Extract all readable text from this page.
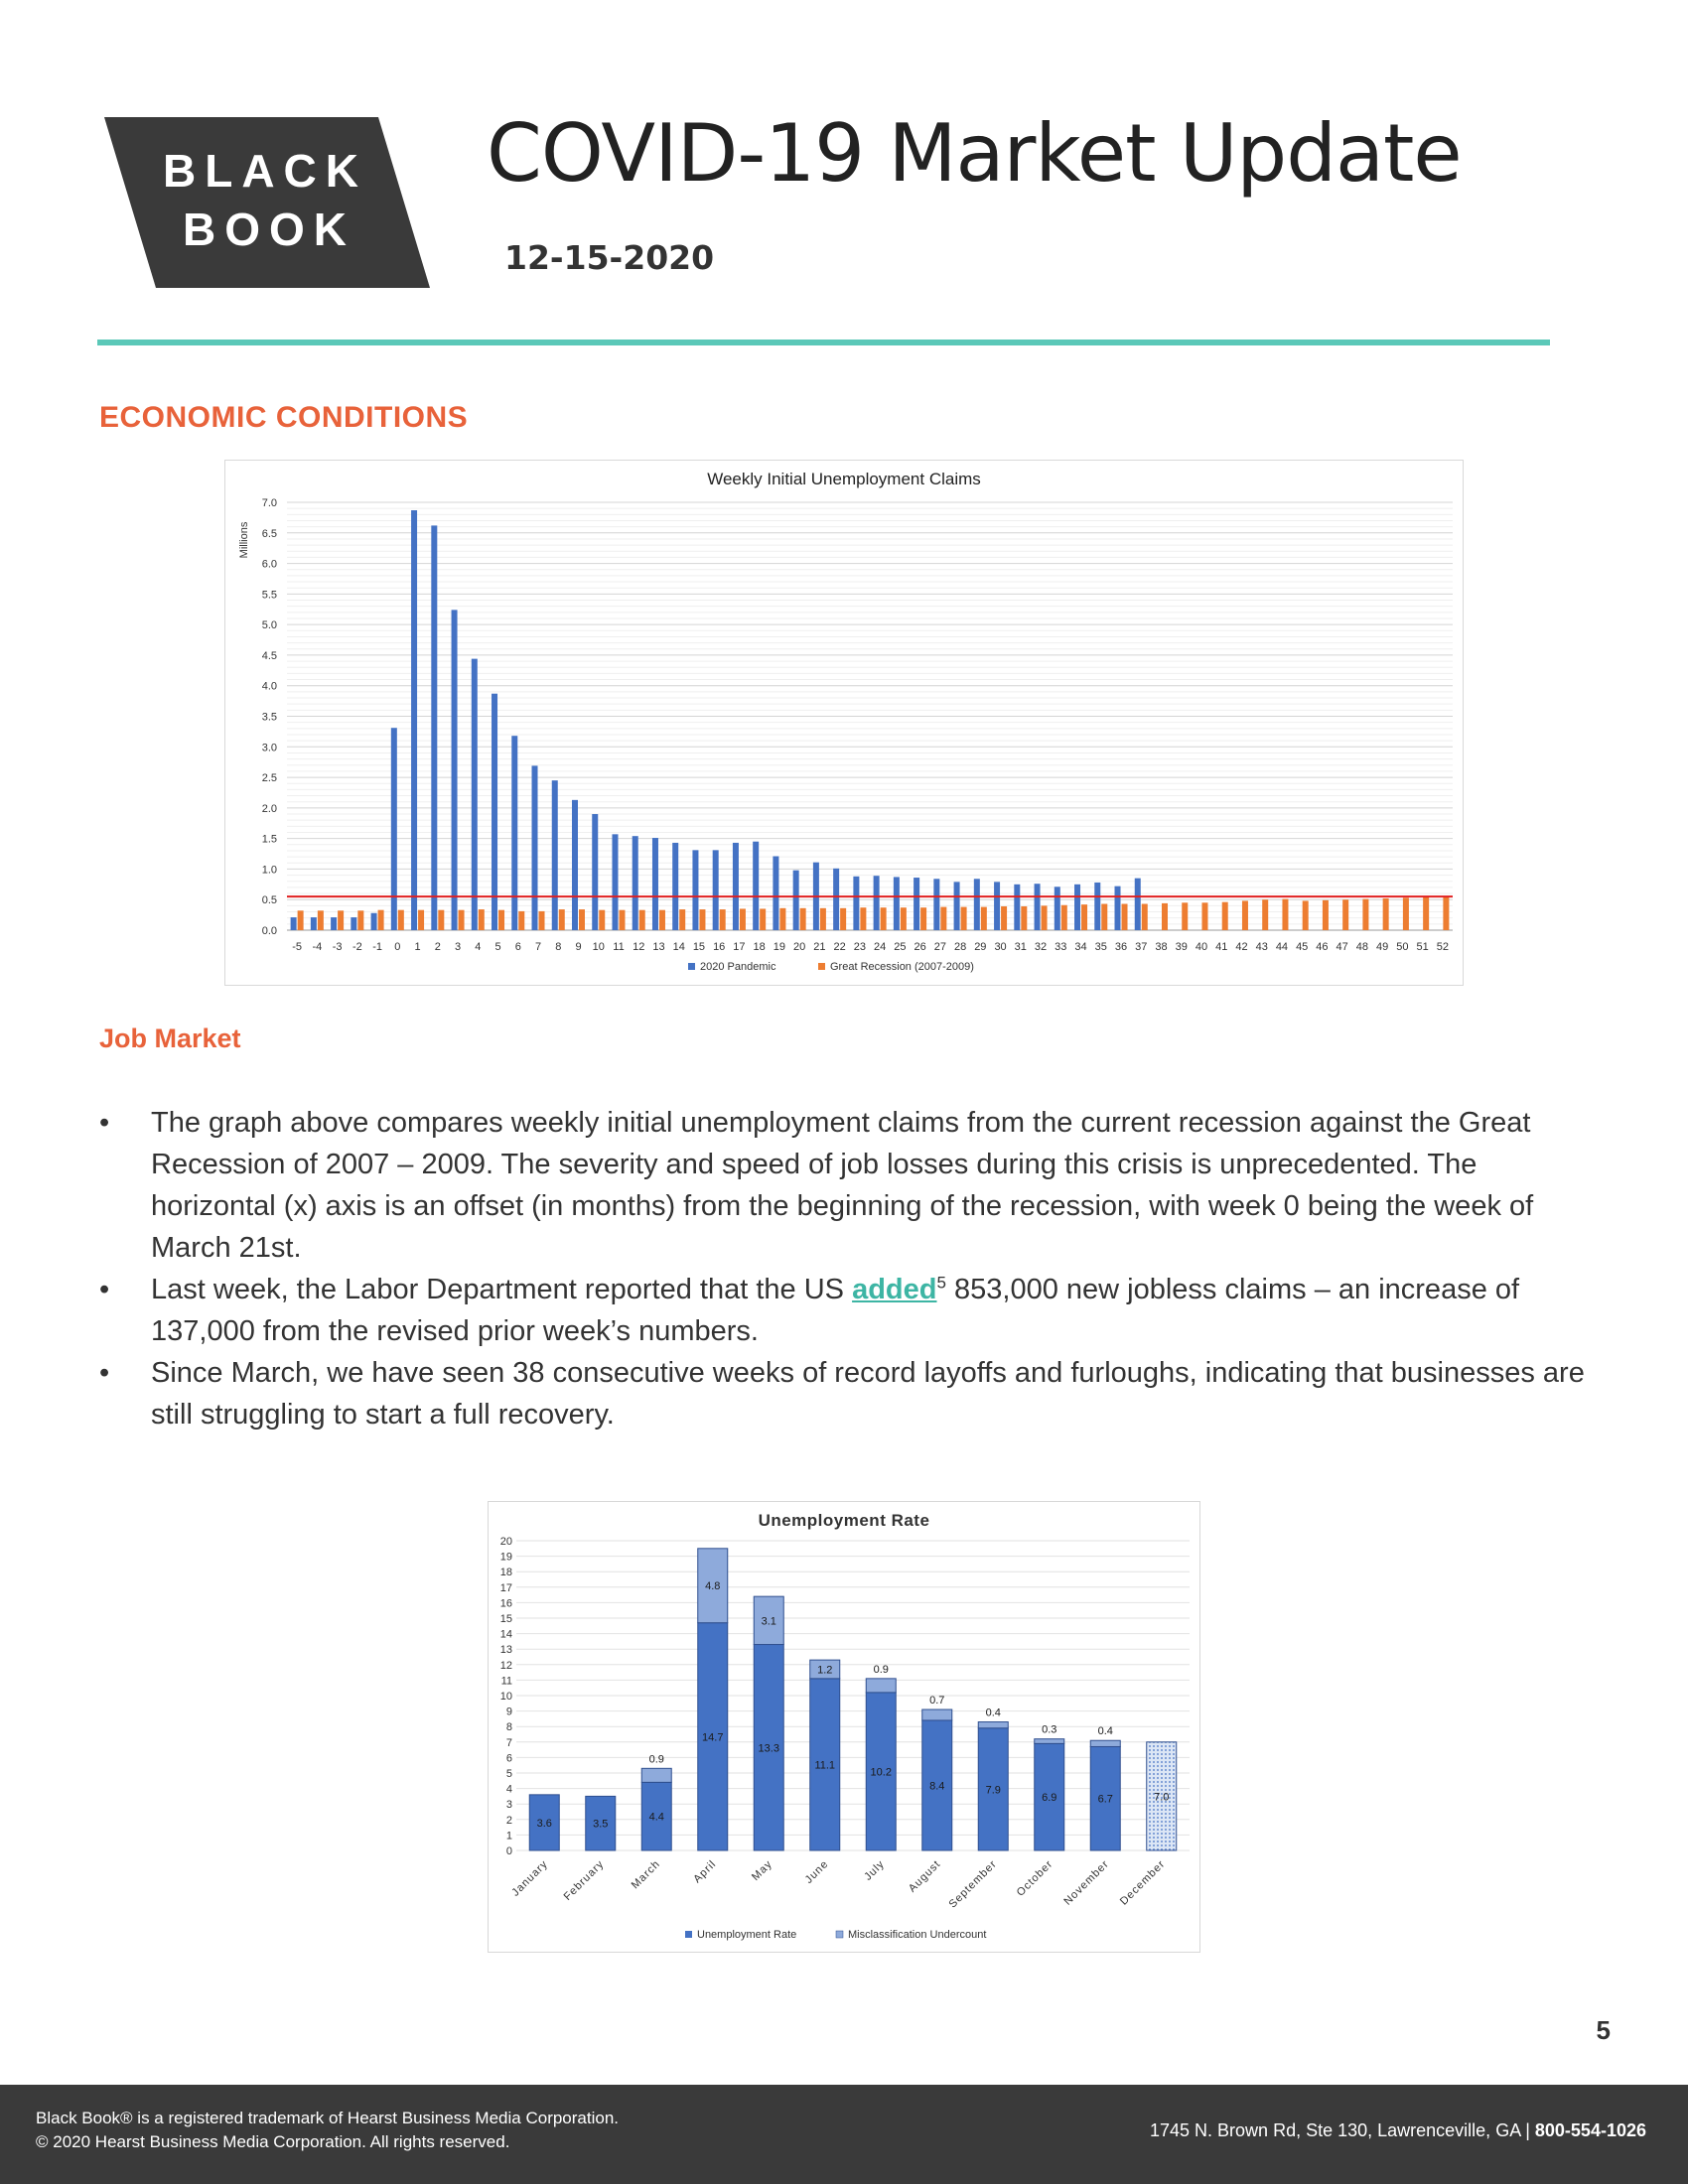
BLACK
BOOK
COVID-19 Market Update
12-15-2020
ECONOMIC CONDITIONS
Weekly Initial Unemployment Claims
Millions
0.0
0.5
1.0
1.5
2.0
2.5
3.0
3.5
4.0
4.5
5.0
5.5
6.0
6.5
7.0
-5 -4 -3 -2 -1 0 1 2 3 4 5 6 7 8 9 10 11 12 13 14 15 16 17 18 19 20 21 22 23 24 25 26 27 28 29 30 31 32 33 34 35 36 37 38 39 40 41 42 43 44 45 46 47 48 49 50 51 52
2020 Pandemic	Great Recession (2007-2009)
Job Market
• The graph above compares weekly initial unemployment claims from the current recession against the Great Recession of 2007 – 2009. The severity and speed of job losses during this crisis is unprecedented. The horizontal (x) axis is an offset (in months) from the beginning of the recession, with week 0 being the week of March 21st.
• Last week, the Labor Department reported that the US added$^5$ 853,000 new jobless claims – an increase of 137,000 from the revised prior week’s numbers.
• Since March, we have seen 38 consecutive weeks of record layoffs and furloughs, indicating that businesses are still struggling to start a full recovery.
Unemployment Rate
0
1
2
3
4
5
6
7
8
9
10
11
12
13
14
15
16
17
18
19
20
3.6
January
3.5
February
4.4
0.9
March
14.7
4.8
April
13.3
3.1
May
11.1
1.2
June
10.2
0.9
July
8.4
0.7
August
7.9
0.4
September
6.9
0.3
October
6.7
0.4
November
7.0
December
Unemployment Rate	Misclassification Undercount
5
Black Book® is a registered trademark of Hearst Business Media Corporation.
© 2020 Hearst Business Media Corporation. All rights reserved.
1745 N. Brown Rd, Ste 130, Lawrenceville, GA | 800-554-1026
